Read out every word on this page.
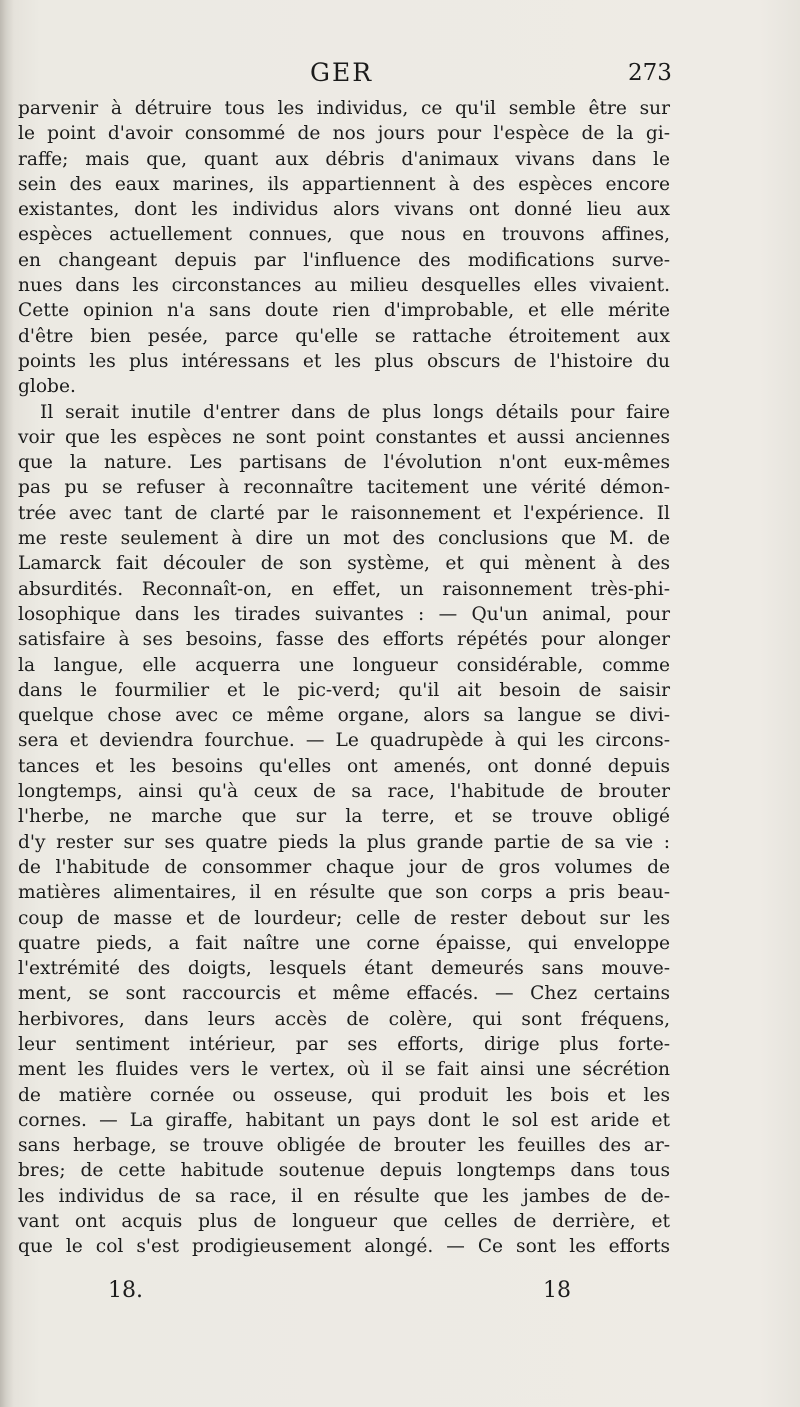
GER	273
parvenir à détruire tous les individus, ce qu'il semble être sur
le point d'avoir consommé de nos jours pour l'espèce de la gi-
raffe; mais que, quant aux débris d'animaux vivans dans le
sein des eaux marines, ils appartiennent à des espèces encore
existantes, dont les individus alors vivans ont donné lieu aux
espèces actuellement connues, que nous en trouvons affines,
en changeant depuis par l'influence des modifications surve-
nues dans les circonstances au milieu desquelles elles vivaient.
Cette opinion n'a sans doute rien d'improbable, et elle mérite
d'être bien pesée, parce qu'elle se rattache étroitement aux
points les plus intéressans et les plus obscurs de l'histoire du
globe.
Il serait inutile d'entrer dans de plus longs détails pour faire
voir que les espèces ne sont point constantes et aussi anciennes
que la nature. Les partisans de l'évolution n'ont eux-mêmes
pas pu se refuser à reconnaître tacitement une vérité démon-
trée avec tant de clarté par le raisonnement et l'expérience. Il
me reste seulement à dire un mot des conclusions que M. de
Lamarck fait découler de son système, et qui mènent à des
absurdités. Reconnaît-on, en effet, un raisonnement très-phi-
losophique dans les tirades suivantes : — Qu'un animal, pour
satisfaire à ses besoins, fasse des efforts répétés pour alonger
la langue, elle acquerra une longueur considérable, comme
dans le fourmilier et le pic-verd; qu'il ait besoin de saisir
quelque chose avec ce même organe, alors sa langue se divi-
sera et deviendra fourchue. — Le quadrupède à qui les circons-
tances et les besoins qu'elles ont amenés, ont donné depuis
longtemps, ainsi qu'à ceux de sa race, l'habitude de brouter
l'herbe, ne marche que sur la terre, et se trouve obligé
d'y rester sur ses quatre pieds la plus grande partie de sa vie :
de l'habitude de consommer chaque jour de gros volumes de
matières alimentaires, il en résulte que son corps a pris beau-
coup de masse et de lourdeur; celle de rester debout sur les
quatre pieds, a fait naître une corne épaisse, qui enveloppe
l'extrémité des doigts, lesquels étant demeurés sans mouve-
ment, se sont raccourcis et même effacés. — Chez certains
herbivores, dans leurs accès de colère, qui sont fréquens,
leur sentiment intérieur, par ses efforts, dirige plus forte-
ment les fluides vers le vertex, où il se fait ainsi une sécrétion
de matière cornée ou osseuse, qui produit les bois et les
cornes. — La giraffe, habitant un pays dont le sol est aride et
sans herbage, se trouve obligée de brouter les feuilles des ar-
bres; de cette habitude soutenue depuis longtemps dans tous
les individus de sa race, il en résulte que les jambes de de-
vant ont acquis plus de longueur que celles de derrière, et
que le col s'est prodigieusement alongé. — Ce sont les efforts
18.	18
